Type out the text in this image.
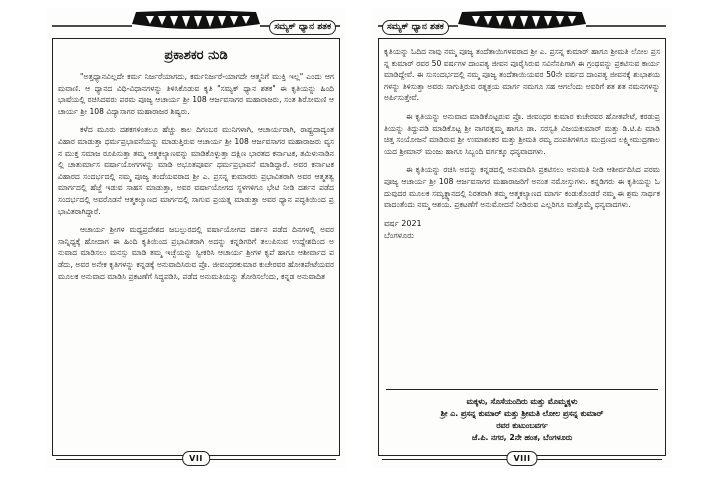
ಸಮ್ಯಕ್ ಧ್ಯಾನ ಶತಕ
ಪ್ರಕಾಶಕರ ನುಡಿ

"ಅತ್ತಧ್ಯಾನವಿಲ್ಲದೇ ಕರ್ಮ ನಿರ್ಜರೆಯಾಗದು, ಕರ್ಮನಿರ್ಜರೆ-ಯಾಗದೇ ಆತ್ಮನಿಗೆ ಮುಕ್ತಿ ಇಲ್ಲ" ಎಂದು ಆಗಮವಾಣಿ. ಆ ಧ್ಯಾನದ ವಿಧಿ-ವಿಧಾನಗಳನ್ನು ತಿಳಿಸಿಕೊಡುವ ಕೃತಿ "ಸಮ್ಯಕ್ ಧ್ಯಾನ ಶತಕ" ಈ ಕೃತಿಯನ್ನು ಹಿಂದಿ ಭಾಷೆಯಲ್ಲಿ ರಚಿಸಿದವರು ಪರಮ ಪೂಜ್ಯ ಆಚಾರ್ಯ ಶ್ರೀ 108 ಆರ್ಜವಸಾಗರ ಮಹಾರಾಜರು, ಸಂತ ಶಿರೋಮಣಿ ಆಚಾರ್ಯ ಶ್ರೀ 108 ವಿದ್ಯಾಸಾಗರ ಮಹಾರಾಜರ ಶಿಷ್ಯರು.

ಕಳೆದ ಮೂರು ದಶಕಗಳಿಂತಲೂ ಹೆಚ್ಚು ಕಾಲ ದಿಗಂಬರ ಮುನಿಗಳಾಗಿ, ಆಚಾರ್ಯರಾಗಿ, ರಾಷ್ಟ್ರದಾದ್ಯಂತ ವಿಹಾರ ಮಾಡುತ್ತಾ ಧರ್ಮಪ್ರಭಾವನೆಯನ್ನು ಮಾಡುತ್ತಿರುವ ಆಚಾರ್ಯ ಶ್ರೀ 108 ಆರ್ಜವಸಾಗರ ಮಹಾರಾಜರು ವ್ಯಸನ ಮುಕ್ತ ಸಮಾಜ ರೂಪಿಸುತ್ತಾ ತಮ್ಮ ಆತ್ಮಕಲ್ಯಾಣವನ್ನು ಮಾಡಿಕೊಳ್ಳುತ್ತಾ ದಕ್ಷಿಣ ಭಾರತದ ಕರ್ನಾಟಕ, ತಮಿಳುನಾಡಿನಲ್ಲಿ ಚಾತುರ್ಮಾಸ ವರ್ಷಾಯೋಗಗಳನ್ನು ಮಾಡಿ ಅಭೂತಪೂರ್ವ ಧರ್ಮಪ್ರಭಾವನೆ ಮಾಡಿದ್ದಾರೆ. ಅವರ ಕರ್ನಾಟಕ ವಿಹಾರದ ಸಂದರ್ಭದಲ್ಲಿ ನಮ್ಮ ಪೂಜ್ಯ ತಂದೆಯವರಾದ ಶ್ರೀ ಎ. ಪ್ರಸನ್ನ ಕುಮಾರರು ಪ್ರಭಾವಿತರಾಗಿ ಅವರ ಆತ್ಮತತ್ವ ಮಾರ್ಗದಲ್ಲಿ ಹೆಜ್ಜೆ ಇಡುವ ಸಾಹಸ ಮಾಡುತ್ತಾ, ಅವರ ವರ್ಷಾಯೋಗದ ಸ್ಥಳಗಳಿಗೂ ಭೇಟಿ ನೀಡಿ ದರ್ಶನ ಪಡೆದ ಸಂದರ್ಭದಲ್ಲಿ ಅವರೊಡನೆ ಆತ್ಮಕಲ್ಯಾಣದ ಮಾರ್ಗದಲ್ಲಿ ಸಾಗುವ ಪ್ರಯತ್ನ ಮಾಡುತ್ತಾ ಅವರ ಧ್ಯಾನ ಪದ್ಧತಿಯಿಂದ ಪ್ರಭಾವಿತರಾಗಿದ್ದಾರೆ.

ಆಚಾರ್ಯ ಶ್ರೀಗಳ ಮಧ್ಯಪ್ರದೇಶದ ಜಬಲ್ಪುರದಲ್ಲಿ ವರ್ಷಾಯೋಗದ ದರ್ಶನ ಪಡೆದ ದಿನಗಳಲ್ಲಿ ಅವರ ಸಾನ್ನಿಧ್ಯಕ್ಕೆ ಹೋದಾಗ ಈ ಹಿಂದಿ ಕೃತಿಯಿಂದ ಪ್ರಭಾವಿತರಾಗಿ ಅದನ್ನು ಕನ್ನಡಿಗರಿಗೆ ತಲುಪಿಸುವ ಉದ್ದೇಶದಿಂದ ಅನುವಾದ ಮಾಡಿಸಲು ಮನಸ್ಸು ಮಾಡಿ ತಮ್ಮ ಇಚ್ಛೆಯನ್ನು ಸ್ವೀಕರಿಸಿ ಆಚಾರ್ಯ ಶ್ರೀಗಳ ಕೃಪೆ ಹಾಗೂ ಆಶೀರ್ವಾದ ಪಡೆದು, ಅವರ ಅನೇಕ ಕೃತಿಗಳನ್ನು ಕನ್ನಡಕ್ಕೆ ಅನುವಾದಿಸಿರುವ ಪ್ರೊ. ಜೀವಂಧರಕುಮಾರ ಕುಚೇರವರ ಹೋತಪೇಟೆಯವರ ಮೂಲಕ ಅನುವಾದ ಮಾಡಿಸಿ ಪ್ರಕಟಣೆಗೆ ಸಿದ್ಧಪಡಿಸಿ, ಪಡೆದ ಅನುಮತಿಯನ್ನು ತೋರಿಸಲೆಂದು, ಕನ್ನಡ ಅನುವಾದಿತ

VII
ಸಮ್ಯಕ್ ಧ್ಯಾನ ಶತಕ

ಕೃತಿಯನ್ನು ಓದಿದ ನಾವು ನಮ್ಮ ಪೂಜ್ಯ ತಂದೆತಾಯಿಗಳವರಾದ ಶ್ರೀ ಎ. ಪ್ರಸನ್ನ ಕುಮಾರ್ ಹಾಗೂ ಶ್ರೀಮತಿ ಲೋಲ ಪ್ರಸನ್ನ ಕುಮಾರ್ ರವರ 50 ವರ್ಷಗಳ ದಾಂಪತ್ಯ ಜೀವನ ಪೂರೈಸಿರುವ ಸವಿನೆನಪಿಗಾಗಿ ಈ ಗ್ರಂಥವನ್ನು ಪ್ರಕಟಿಸುವ ಕಾರ್ಯ ಮಾಡಿದ್ದೇವೆ. ಈ ಸುಸಂದರ್ಭದಲ್ಲಿ ನಮ್ಮ ಪೂಜ್ಯ ತಂದೆತಾಯಿಯವರ 50ನೇ ವರ್ಷದ ದಾಂಪತ್ಯ ಜೀವನಕ್ಕೆ ಶುಭಾಶಯಗಳನ್ನು ತಿಳಿಸುತ್ತಾ ಅವರು ಸಾಗುತ್ತಿರುವ ರತ್ನತ್ರಯ ಮಾರ್ಗ ನಮಗೂ ಸಹ ಆಗಲೆಂದು ಅವರಿಗೆ ಶತ ಶತ ನಮನಗಳನ್ನು ಅರ್ಪಿಸುತ್ತೇವೆ.

ಈ ಕೃತಿಯನ್ನು ಅನುವಾದ ಮಾಡಿಕೊಟ್ಟರುವ ಪ್ರೊ. ಜೀವಂಧರ ಕುಮಾರ ಕುಚೇರವರ ಹೋತಪೇಟೆ, ಕರಡುಪ್ರತಿಯನ್ನು ತಿದ್ದುಪಡಿ ಮಾಡಿಕೊಟ್ಟ ಶ್ರೀ ನಾಗರತ್ನಮ್ಮ ಹಾಗೂ ಡಾ. ಸರಸ್ವತಿ ವಿಜಯಕುಮಾರ್ ಮತ್ತು ಡಿ.ಟಿ.ಪಿ ಮಾಡಿ ಚಿತ್ತ ಸಂಯೋಜನೆ ಮಾಡಿರುವ ಶ್ರೀ ಉಮಾಶಂಕರ ಮತ್ತು ಶ್ರೀಮತಿ ರಮ್ಯ ದಂಪತಿಗಳಿಗೂ ಮುದ್ರಣದ ಲಕ್ಷ್ಮೀಮುದ್ರಣಾಲಯದ ಶ್ರೀಮಾನ್ ಮಂಜು ಹಾಗೂ ಸಿಬ್ಬಂದಿ ವರ್ಗಕ್ಕೂ ಧನ್ಯವಾದಗಳು.

ಈ ಕೃತಿಯನ್ನು ರಚಿಸಿ ಅದನ್ನು ಕನ್ನಡದಲ್ಲಿ ಅನುವಾದಿಸಿ ಪ್ರಕಟಿಸಲು ಅನುಮತಿ ನೀಡಿ ಆಶೀರ್ವದಿಸಿದ ಪರಮ ಪೂಜ್ಯ ಆಚಾರ್ಯ ಶ್ರೀ 108 ಆರ್ಜವಸಾಗರ ಮಹಾರಾಜರಿಗೆ ಅನಂತ ನಮೋಸ್ತುಗಳು. ಕನ್ನಡಿಗರು ಈ ಕೃತಿಯನ್ನು ಓದುವುದರ ಮೂಲಕ ಸಮ್ಯಕ್ಧ್ಯಾನದಲ್ಲಿ ನಿರತರಾಗಿ ತಮ್ಮ ಆತ್ಮಕಲ್ಯಾಣದ ಮಾರ್ಗ ಕಂಡುಕೊಂಡರೆ ನಮ್ಮ ಈ ಶ್ರಮ ಸಾರ್ಥಕವಾದಂತೆಂದು ನಮ್ಮ ಆಶಯ. ಪ್ರಕಟಣೆಗೆ ಅನುಮೋದನೆ ನೀಡಿರುವ ಎಲ್ಲರಿಗೂ ಮತ್ತೊಮ್ಮೆ ಧನ್ಯವಾದಗಳು.

ವರ್ಷ 2021
ಬೆಂಗಳೂರು
ಮಕ್ಕಳು, ಸೊಸೆಯಂದಿರು ಮತ್ತು ಮೊಮ್ಮಕ್ಕಳು
ಶ್ರೀ ಎ. ಪ್ರಸನ್ನ ಕುಮಾರ್ ಮತ್ತು ಶ್ರೀಮತಿ ಲೋಲ ಪ್ರಸನ್ನ ಕುಮಾರ್
ರವರ ಕುಟುಂಬವರ್ಗ
ಜೆ.ಪಿ. ನಗರ, 2ನೇ ಹಂತ, ಬೆಂಗಳೂರು
VIII
